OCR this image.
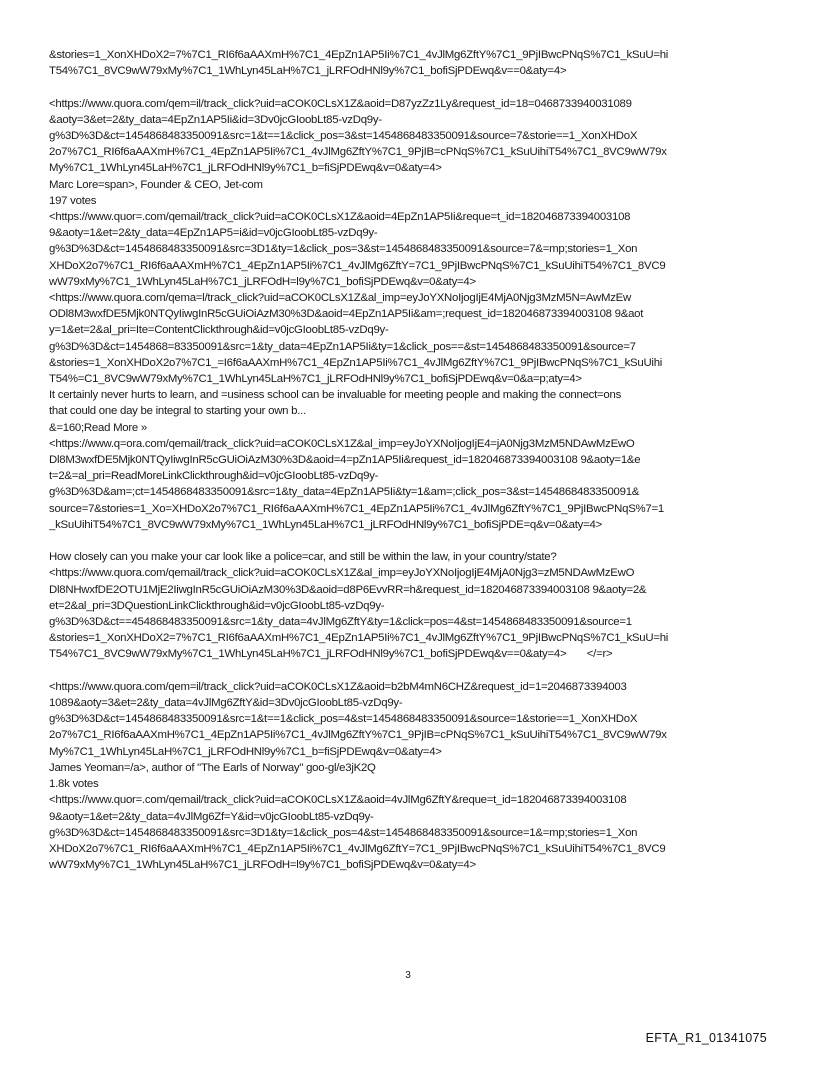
&stories=1_XonXHDoX2=7%7C1_RI6f6aAAXmH%7C1_4EpZn1AP5Ii%7C1_4vJlMg6ZftY%7C1_9PjIBwcPNqS%7C1_kSuU=hi
T54%7C1_8VC9wW79xMy%7C1_1WhLyn45LaH%7C1_jLRFOdHNl9y%7C1_bofiSjPDEwq&v==0&aty=4>
<https://www.quora.com/qem=il/track_click?uid=aCOK0CLsX1Z&aoid=D87yzZz1Ly&request_id=18=0468733940031089
&aoty=3&et=2&ty_data=4EpZn1AP5Ii&id=3Dv0jcGIoobLt85-vzDq9y-
g%3D%3D&ct=1454868483350091&src=1&t==1&click_pos=3&st=1454868483350091&source=7&storie==1_XonXHDoX
2o7%7C1_RI6f6aAAXmH%7C1_4EpZn1AP5Ii%7C1_4vJlMg6ZftY%7C1_9PjIB=cPNqS%7C1_kSuUihiT54%7C1_8VC9wW79x
My%7C1_1WhLyn45LaH%7C1_jLRFOdHNl9y%7C1_b=fiSjPDEwq&v=0&aty=4>
Marc Lore=span>, Founder & CEO, Jet-com
197 votes
<https://www.quor=.com/qemail/track_click?uid=aCOK0CLsX1Z&aoid=4EpZn1AP5Ii&reque=t_id=182046873394003108
9&aoty=1&et=2&ty_data=4EpZn1AP5=i&id=v0jcGIoobLt85-vzDq9y-
g%3D%3D&ct=1454868483350091&src=3D1&ty=1&click_pos=3&st=1454868483350091&source=7&=mp;stories=1_Xon
XHDoX2o7%7C1_RI6f6aAAXmH%7C1_4EpZn1AP5Ii%7C1_4vJlMg6ZftY=7C1_9PjIBwcPNqS%7C1_kSuUihiT54%7C1_8VC9
wW79xMy%7C1_1WhLyn45LaH%7C1_jLRFOdH=l9y%7C1_bofiSjPDEwq&v=0&aty=4>
<https://www.quora.com/qema=l/track_click?uid=aCOK0CLsX1Z&al_imp=eyJoYXNoIjogIjE4MjA0Njg3MzM5N=AwMzEw
ODl8M3wxfDE5Mjk0NTQyIiwgInR5cGUiOiAzM30%3D&aoid=4EpZn1AP5Ii&am=;request_id=182046873394003108 9&aot
y=1&et=2&al_pri=Ite=ContentClickthrough&id=v0jcGIoobLt85-vzDq9y-
g%3D%3D&ct=1454868=83350091&src=1&ty_data=4EpZn1AP5Ii&ty=1&click_pos==&st=1454868483350091&source=7
&stories=1_XonXHDoX2o7%7C1_=I6f6aAAXmH%7C1_4EpZn1AP5Ii%7C1_4vJlMg6ZftY%7C1_9PjIBwcPNqS%7C1_kSuUihi
T54%=C1_8VC9wW79xMy%7C1_1WhLyn45LaH%7C1_jLRFOdHNl9y%7C1_bofiSjPDEwq&v=0&a=p;aty=4>
It certainly never hurts to learn, and =usiness school can be invaluable for meeting people and making the connect=ons
that could one day be integral to starting your own b...
&=160;Read More »
<https://www.q=ora.com/qemail/track_click?uid=aCOK0CLsX1Z&al_imp=eyJoYXNoIjogIjE4=jA0Njg3MzM5NDAwMzEwO
Dl8M3wxfDE5Mjk0NTQyIiwgInR5cGUiOiAzM30%3D&aoid=4=pZn1AP5Ii&request_id=182046873394003108 9&aoty=1&e
t=2&=al_pri=ReadMoreLinkClickthrough&id=v0jcGIoobLt85-vzDq9y-
g%3D%3D&am=;ct=1454868483350091&src=1&ty_data=4EpZn1AP5Ii&ty=1&am=;click_pos=3&st=1454868483350091&
source=7&stories=1_Xo=XHDoX2o7%7C1_RI6f6aAAXmH%7C1_4EpZn1AP5Ii%7C1_4vJlMg6ZftY%7C1_9PjIBwcPNqS%7=1
_kSuUihiT54%7C1_8VC9wW79xMy%7C1_1WhLyn45LaH%7C1_jLRFOdHNl9y%7C1_bofiSjPDE=q&v=0&aty=4>
How closely can you make your car look like a police=car, and still be within the law, in your country/state?
<https://www.quora.com/qemail/track_click?uid=aCOK0CLsX1Z&al_imp=eyJoYXNoIjogIjE4MjA0Njg3=zM5NDAwMzEwO
Dl8NHwxfDE2OTU1MjE2IiwgInR5cGUiOiAzM30%3D&aoid=d8P6EvvRR=h&request_id=182046873394003108 9&aoty=2&
et=2&al_pri=3DQuestionLinkClickthrough&id=v0jcGIoobLt85-vzDq9y-
g%3D%3D&ct==454868483350091&src=1&ty_data=4vJlMg6ZftY&ty=1&click=pos=4&st=1454868483350091&source=1
&stories=1_XonXHDoX2=7%7C1_RI6f6aAAXmH%7C1_4EpZn1AP5Ii%7C1_4vJlMg6ZftY%7C1_9PjIBwcPNqS%7C1_kSuU=hi
T54%7C1_8VC9wW79xMy%7C1_1WhLyn45LaH%7C1_jLRFOdHNl9y%7C1_bofiSjPDEwq&v==0&aty=4>       </=r>
<https://www.quora.com/qem=il/track_click?uid=aCOK0CLsX1Z&aoid=b2bM4mN6CHZ&request_id=1=2046873394003
1089&aoty=3&et=2&ty_data=4vJlMg6ZftY&id=3Dv0jcGIoobLt85-vzDq9y-
g%3D%3D&ct=1454868483350091&src=1&t==1&click_pos=4&st=1454868483350091&source=1&storie==1_XonXHDoX
2o7%7C1_RI6f6aAAXmH%7C1_4EpZn1AP5Ii%7C1_4vJlMg6ZftY%7C1_9PjIB=cPNqS%7C1_kSuUihiT54%7C1_8VC9wW79x
My%7C1_1WhLyn45LaH%7C1_jLRFOdHNl9y%7C1_b=fiSjPDEwq&v=0&aty=4>
James Yeoman=/a>, author of "The Earls of Norway" goo-gl/e3jK2Q
1.8k votes
<https://www.quor=.com/qemail/track_click?uid=aCOK0CLsX1Z&aoid=4vJlMg6ZftY&reque=t_id=182046873394003108
9&aoty=1&et=2&ty_data=4vJlMg6Zf=Y&id=v0jcGIoobLt85-vzDq9y-
g%3D%3D&ct=1454868483350091&src=3D1&ty=1&click_pos=4&st=1454868483350091&source=1&=mp;stories=1_Xon
XHDoX2o7%7C1_RI6f6aAAXmH%7C1_4EpZn1AP5Ii%7C1_4vJlMg6ZftY=7C1_9PjIBwcPNqS%7C1_kSuUihiT54%7C1_8VC9
wW79xMy%7C1_1WhLyn45LaH%7C1_jLRFOdH=l9y%7C1_bofiSjPDEwq&v=0&aty=4>
3
EFTA_R1_01341075
